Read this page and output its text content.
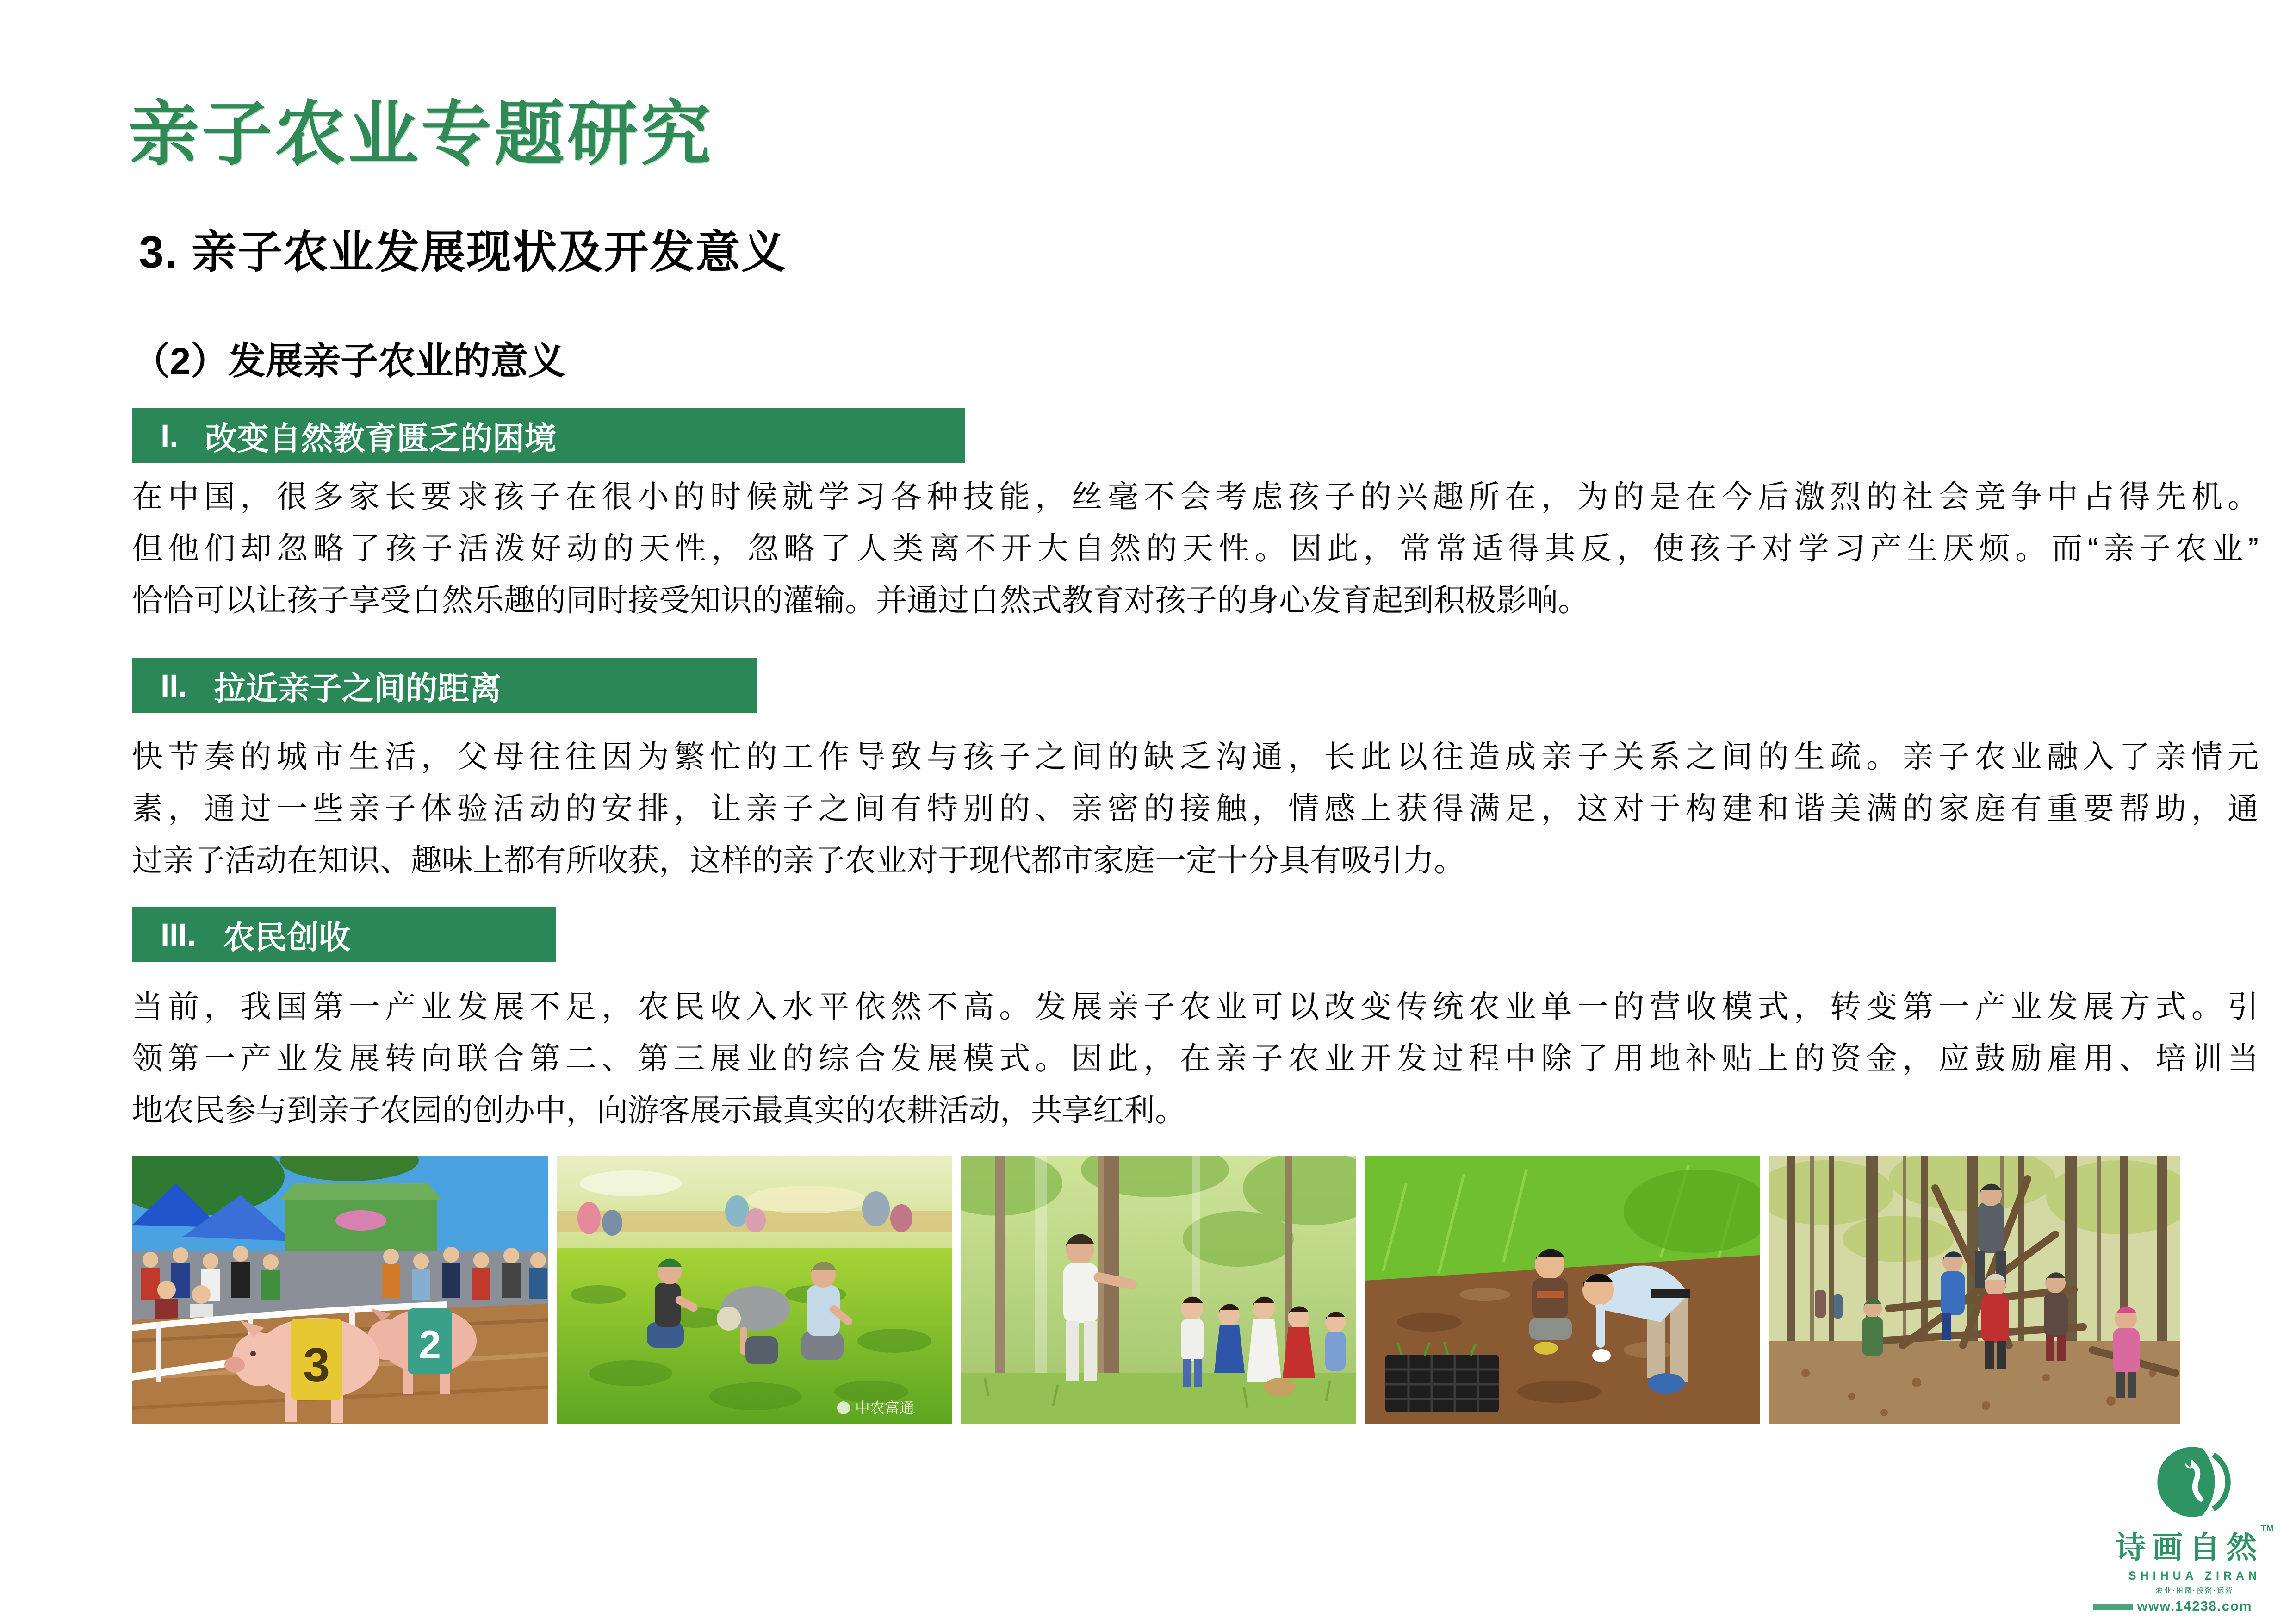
亲子农业专题研究
3. 亲子农业发展现状及开发意义
（2）发展亲子农业的意义
I. 改变自然教育匮乏的困境
在中国，很多家长要求孩子在很小的时候就学习各种技能，丝毫不会考虑孩子的兴趣所在，为的是在今后激烈的社会竞争中占得先机。
但他们却忽略了孩子活泼好动的天性，忽略了人类离不开大自然的天性。因此，常常适得其反，使孩子对学习产生厌烦。而“亲子农业”
恰恰可以让孩子享受自然乐趣的同时接受知识的灌输。并通过自然式教育对孩子的身心发育起到积极影响。
II. 拉近亲子之间的距离
快节奏的城市生活，父母往往因为繁忙的工作导致与孩子之间的缺乏沟通，长此以往造成亲子关系之间的生疏。亲子农业融入了亲情元
素，通过一些亲子体验活动的安排，让亲子之间有特别的、亲密的接触，情感上获得满足，这对于构建和谐美满的家庭有重要帮助，通
过亲子活动在知识、趣味上都有所收获，这样的亲子农业对于现代都市家庭一定十分具有吸引力。
III. 农民创收
当前，我国第一产业发展不足，农民收入水平依然不高。发展亲子农业可以改变传统农业单一的营收模式，转变第一产业发展方式。引
领第一产业发展转向联合第二、第三展业的综合发展模式。因此，在亲子农业开发过程中除了用地补贴上的资金，应鼓励雇用、培训当
地农民参与到亲子农园的创办中，向游客展示最真实的农耕活动，共享红利。
2
3
中农富通
诗画自然
TM
SHIHUA ZIRAN
农业·田园·投资·运营
www.14238.com
